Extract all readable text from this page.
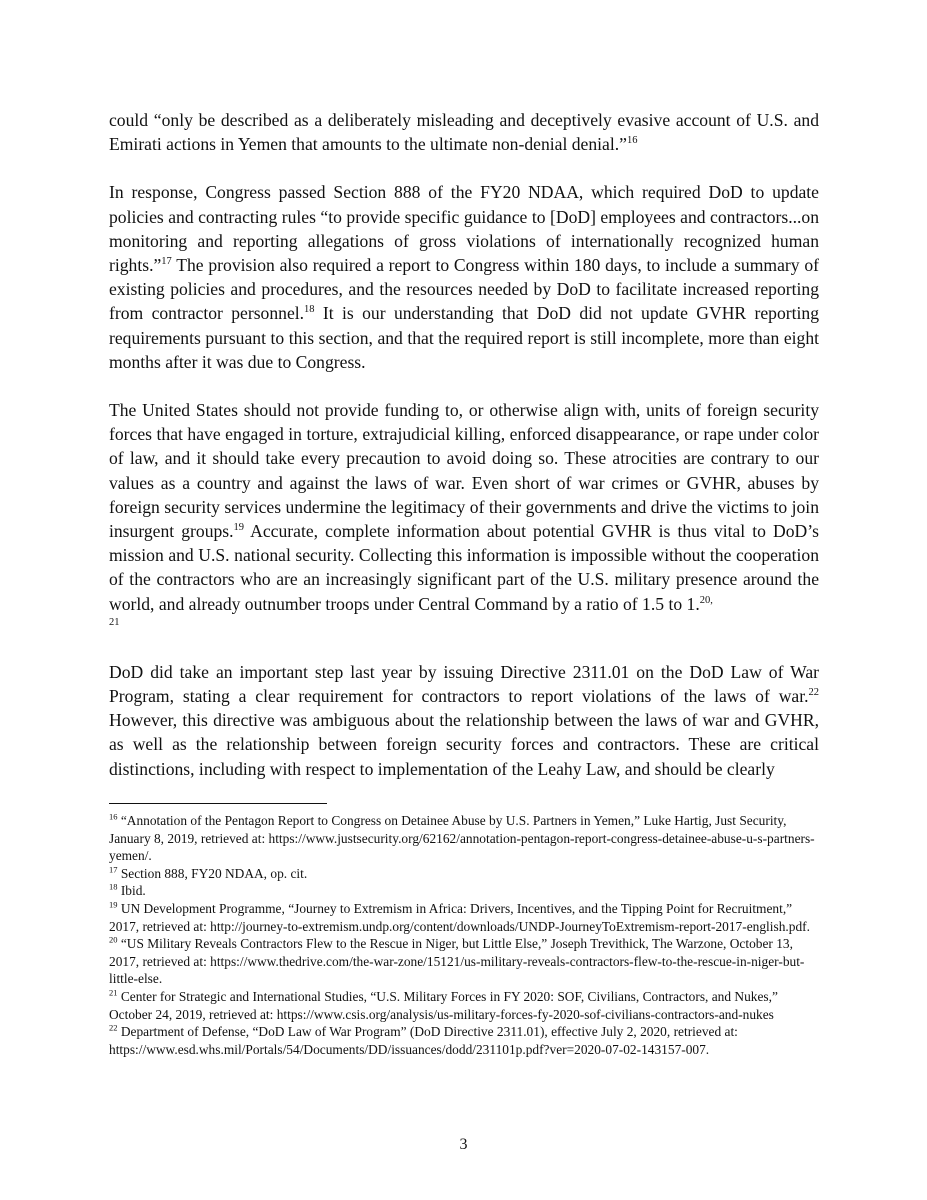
could “only be described as a deliberately misleading and deceptively evasive account of U.S. and Emirati actions in Yemen that amounts to the ultimate non-denial denial.”$^{16}$

In response, Congress passed Section 888 of the FY20 NDAA, which required DoD to update policies and contracting rules “to provide specific guidance to [DoD] employees and contractors...on monitoring and reporting allegations of gross violations of internationally recognized human rights.”$^{17}$ The provision also required a report to Congress within 180 days, to include a summary of existing policies and procedures, and the resources needed by DoD to facilitate increased reporting from contractor personnel.$^{18}$ It is our understanding that DoD did not update GVHR reporting requirements pursuant to this section, and that the required report is still incomplete, more than eight months after it was due to Congress.

The United States should not provide funding to, or otherwise align with, units of foreign security forces that have engaged in torture, extrajudicial killing, enforced disappearance, or rape under color of law, and it should take every precaution to avoid doing so. These atrocities are contrary to our values as a country and against the laws of war. Even short of war crimes or GVHR, abuses by foreign security services undermine the legitimacy of their governments and drive the victims to join insurgent groups.$^{19}$ Accurate, complete information about potential GVHR is thus vital to DoD’s mission and U.S. national security. Collecting this information is impossible without the cooperation of the contractors who are an increasingly significant part of the U.S. military presence around the world, and already outnumber troops under Central Command by a ratio of 1.5 to 1.$^{20,}$

21

DoD did take an important step last year by issuing Directive 2311.01 on the DoD Law of War Program, stating a clear requirement for contractors to report violations of the laws of war.$^{22}$ However, this directive was ambiguous about the relationship between the laws of war and GVHR, as well as the relationship between foreign security forces and contractors. These are critical distinctions, including with respect to implementation of the Leahy Law, and should be clearly

$^{16}$ “Annotation of the Pentagon Report to Congress on Detainee Abuse by U.S. Partners in Yemen,” Luke Hartig, Just Security, January 8, 2019, retrieved at: https://www.justsecurity.org/62162/annotation-pentagon-report-congress-detainee-abuse-u-s-partners-yemen/.

$^{17}$ Section 888, FY20 NDAA, op. cit.

$^{18}$ Ibid.

$^{19}$ UN Development Programme, “Journey to Extremism in Africa: Drivers, Incentives, and the Tipping Point for Recruitment,” 2017, retrieved at: http://journey-to-extremism.undp.org/content/downloads/UNDP-JourneyToExtremism-report-2017-english.pdf.

$^{20}$ “US Military Reveals Contractors Flew to the Rescue in Niger, but Little Else,” Joseph Trevithick, The Warzone, October 13, 2017, retrieved at: https://www.thedrive.com/the-war-zone/15121/us-military-reveals-contractors-flew-to-the-rescue-in-niger-but-little-else.

$^{21}$ Center for Strategic and International Studies, “U.S. Military Forces in FY 2020: SOF, Civilians, Contractors, and Nukes,” October 24, 2019, retrieved at: https://www.csis.org/analysis/us-military-forces-fy-2020-sof-civilians-contractors-and-nukes

$^{22}$ Department of Defense, “DoD Law of War Program” (DoD Directive 2311.01), effective July 2, 2020, retrieved at: https://www.esd.whs.mil/Portals/54/Documents/DD/issuances/dodd/231101p.pdf?ver=2020-07-02-143157-007.

3
